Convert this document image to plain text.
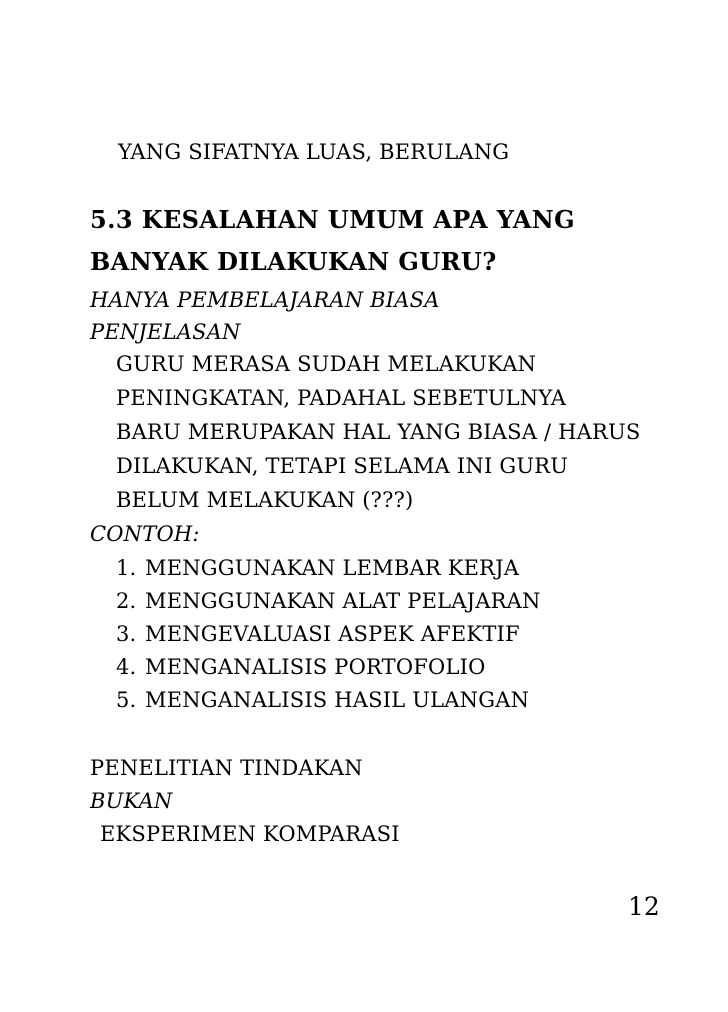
YANG SIFATNYA LUAS, BERULANG
5.3 KESALAHAN UMUM APA YANG
BANYAK DILAKUKAN GURU?
HANYA PEMBELAJARAN BIASA
PENJELASAN
GURU MERASA SUDAH MELAKUKAN
PENINGKATAN, PADAHAL SEBETULNYA
BARU MERUPAKAN HAL YANG BIASA / HARUS
DILAKUKAN, TETAPI SELAMA INI GURU
BELUM MELAKUKAN (???)
CONTOH:
1. MENGGUNAKAN LEMBAR KERJA
2. MENGGUNAKAN ALAT PELAJARAN
3. MENGEVALUASI ASPEK AFEKTIF
4. MENGANALISIS PORTOFOLIO
5. MENGANALISIS HASIL ULANGAN
PENELITIAN TINDAKAN
BUKAN
EKSPERIMEN KOMPARASI
12
